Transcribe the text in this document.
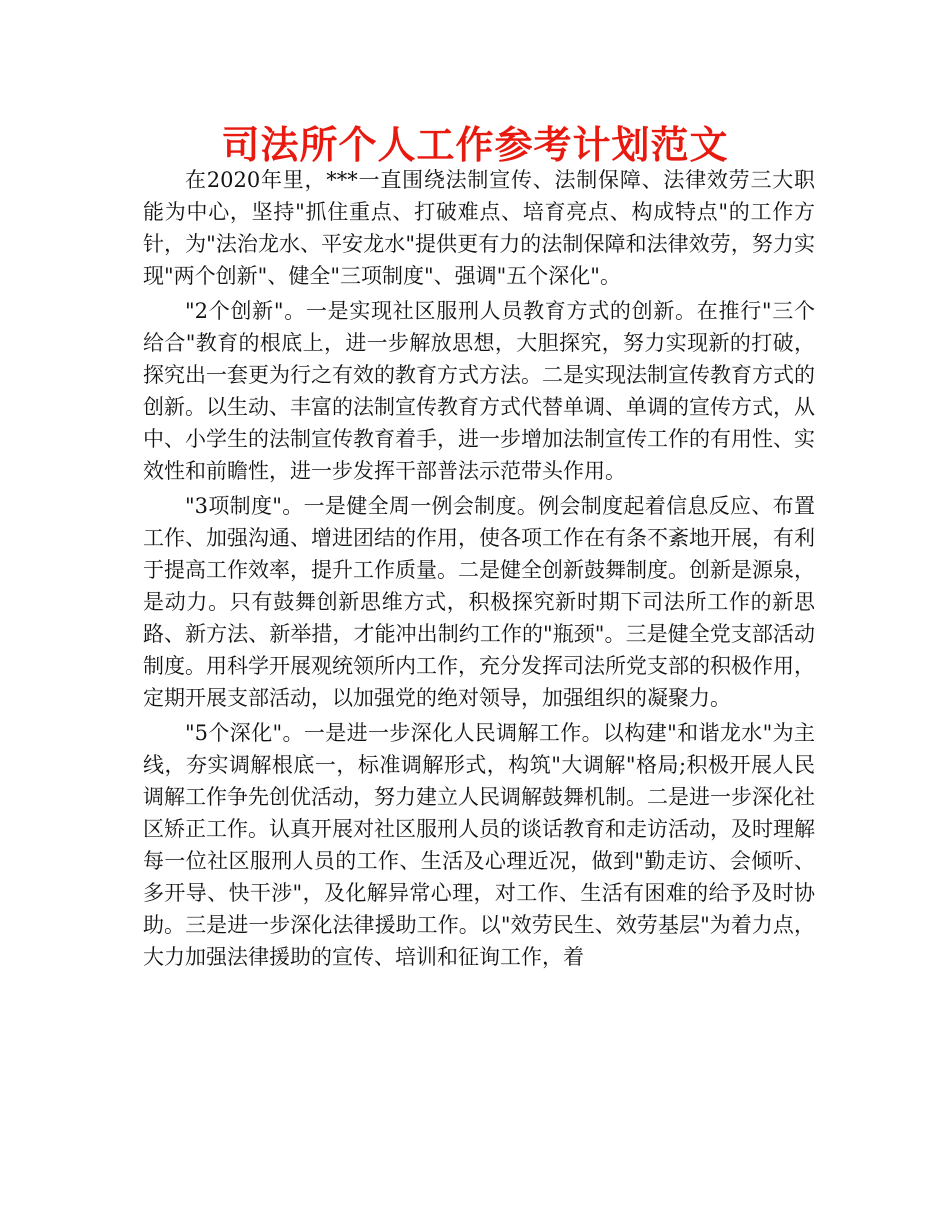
司法所个人工作参考计划范文

在2020年里，***一直围绕法制宣传、法制保障、法律效劳三大职能为中心，坚持"抓住重点、打破难点、培育亮点、构成特点"的工作方针，为"法治龙水、平安龙水"提供更有力的法制保障和法律效劳，努力实现"两个创新"、健全"三项制度"、强调"五个深化"。

"2个创新"。一是实现社区服刑人员教育方式的创新。在推行"三个给合"教育的根底上，进一步解放思想，大胆探究，努力实现新的打破，探究出一套更为行之有效的教育方式方法。二是实现法制宣传教育方式的创新。以生动、丰富的法制宣传教育方式代替单调、单调的宣传方式，从中、小学生的法制宣传教育着手，进一步增加法制宣传工作的有用性、实效性和前瞻性，进一步发挥干部普法示范带头作用。

"3项制度"。一是健全周一例会制度。例会制度起着信息反应、布置工作、加强沟通、增进团结的作用，使各项工作在有条不紊地开展，有利于提高工作效率，提升工作质量。二是健全创新鼓舞制度。创新是源泉，是动力。只有鼓舞创新思维方式，积极探究新时期下司法所工作的新思路、新方法、新举措，才能冲出制约工作的"瓶颈"。三是健全党支部活动制度。用科学开展观统领所内工作，充分发挥司法所党支部的积极作用，定期开展支部活动，以加强党的绝对领导，加强组织的凝聚力。

"5个深化"。一是进一步深化人民调解工作。以构建"和谐龙水"为主线，夯实调解根底一，标准调解形式，构筑"大调解"格局;积极开展人民调解工作争先创优活动，努力建立人民调解鼓舞机制。二是进一步深化社区矫正工作。认真开展对社区服刑人员的谈话教育和走访活动，及时理解每一位社区服刑人员的工作、生活及心理近况，做到"勤走访、会倾听、多开导、快干涉"，及化解异常心理，对工作、生活有困难的给予及时协助。三是进一步深化法律援助工作。以"效劳民生、效劳基层"为着力点，大力加强法律援助的宣传、培训和征询工作，着
